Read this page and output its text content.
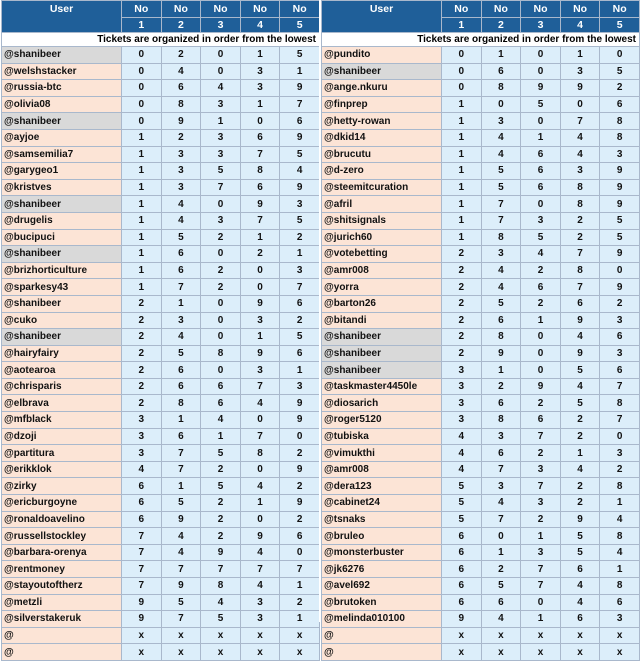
User	No	No	No	No	No
	1	2	3	4	5
Tickets are organized in order from the lowest					
@shanibeer	0	2	0	1	5
@welshstacker	0	4	0	3	1
@russia-btc	0	6	4	3	9
@olivia08	0	8	3	1	7
@shanibeer	0	9	1	0	6
@ayjoe	1	2	3	6	9
@samsemilia7	1	3	3	7	5
@garygeo1	1	3	5	8	4
@kristves	1	3	7	6	9
@shanibeer	1	4	0	9	3
@drugelis	1	4	3	7	5
@bucipuci	1	5	2	1	2
@shanibeer	1	6	0	2	1
@brizhorticulture	1	6	2	0	3
@sparkesy43	1	7	2	0	7
@shanibeer	2	1	0	9	6
@cuko	2	3	0	3	2
@shanibeer	2	4	0	1	5
@hairyfairy	2	5	8	9	6
@aotearoa	2	6	0	3	1
@chrisparis	2	6	6	7	3
@elbrava	2	8	6	4	9
@mfblack	3	1	4	0	9
@dzoji	3	6	1	7	0
@partitura	3	7	5	8	2
@erikklok	4	7	2	0	9
@zirky	6	1	5	4	2
@ericburgoyne	6	5	2	1	9
@ronaldoavelino	6	9	2	0	2
@russellstockley	7	4	2	9	6
@barbara-orenya	7	4	9	4	0
@rentmoney	7	7	7	7	7
@stayoutoftherz	7	9	8	4	1
@metzli	9	5	4	3	2
@silverstakeruk	9	7	5	3	1
@	x	x	x	x	x
@	x	x	x	x	x
User	No	No	No	No	No
	1	2	3	4	5
Tickets are organized in order from the lowest					
@pundito	0	1	0	1	0
@shanibeer	0	6	0	3	5
@ange.nkuru	0	8	9	9	2
@finprep	1	0	5	0	6
@hetty-rowan	1	3	0	7	8
@dkid14	1	4	1	4	8
@brucutu	1	4	6	4	3
@d-zero	1	5	6	3	9
@steemitcuration	1	5	6	8	9
@afril	1	7	0	8	9
@shitsignals	1	7	3	2	5
@jurich60	1	8	5	2	5
@votebetting	2	3	4	7	9
@amr008	2	4	2	8	0
@yorra	2	4	6	7	9
@barton26	2	5	2	6	2
@bitandi	2	6	1	9	3
@shanibeer	2	8	0	4	6
@shanibeer	2	9	0	9	3
@shanibeer	3	1	0	5	6
@taskmaster4450le	3	2	9	4	7
@diosarich	3	6	2	5	8
@roger5120	3	8	6	2	7
@tubiska	4	3	7	2	0
@vimukthi	4	6	2	1	3
@amr008	4	7	3	4	2
@dera123	5	3	7	2	8
@cabinet24	5	4	3	2	1
@tsnaks	5	7	2	9	4
@bruleo	6	0	1	5	8
@monsterbuster	6	1	3	5	4
@jk6276	6	2	7	6	1
@avel692	6	5	7	4	8
@brutoken	6	6	0	4	6
@melinda010100	9	4	1	6	3
@	x	x	x	x	x
@	x	x	x	x	x
